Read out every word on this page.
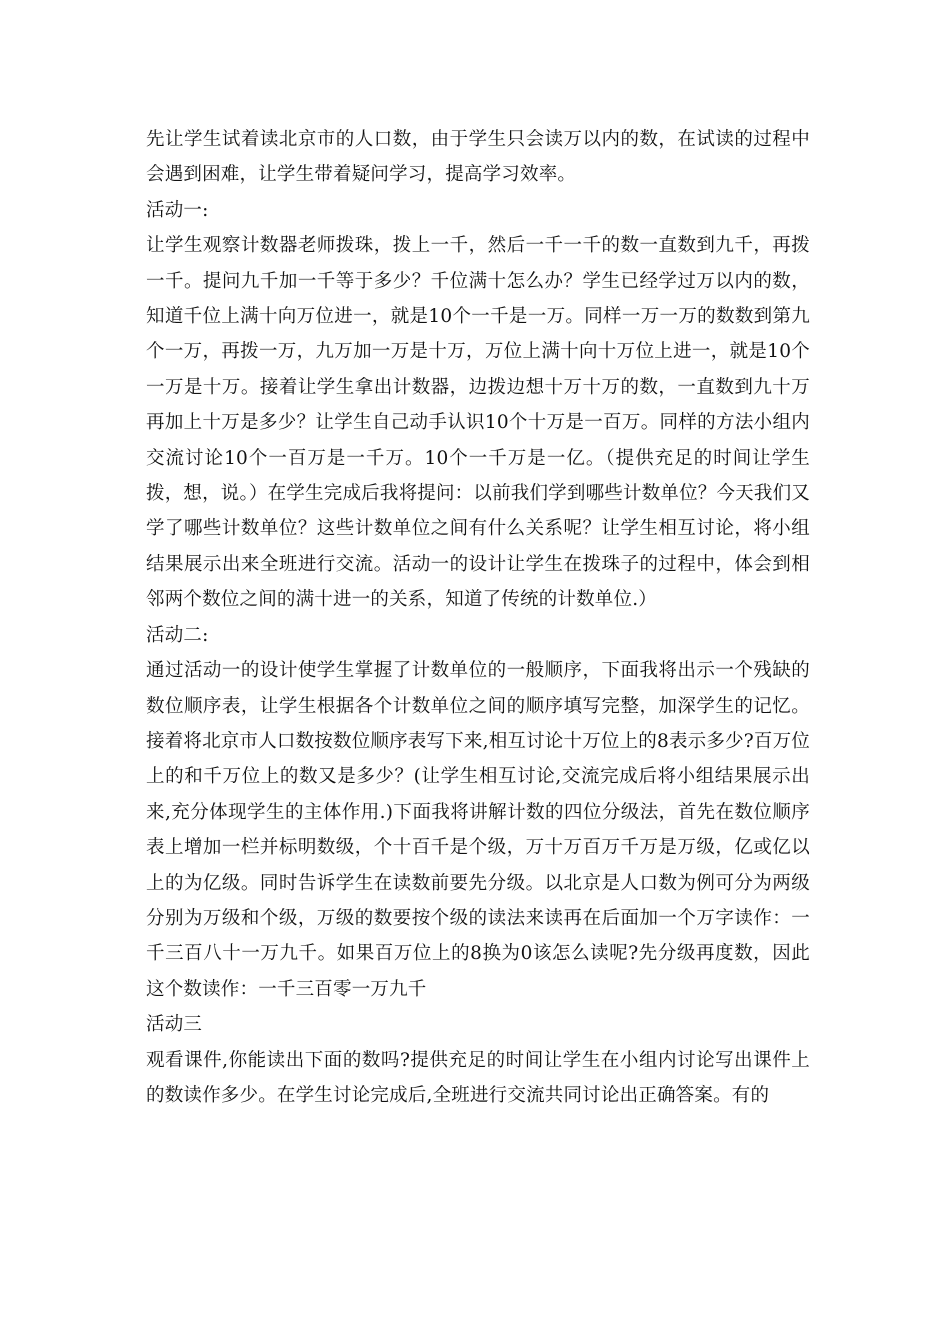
先让学生试着读北京市的人口数，由于学生只会读万以内的数，在试读的过程中会遇到困难，让学生带着疑问学习，提高学习效率。

活动一:

让学生观察计数器老师拨珠，拨上一千，然后一千一千的数一直数到九千，再拨一千。提问九千加一千等于多少？千位满十怎么办？学生已经学过万以内的数，知道千位上满十向万位进一，就是10个一千是一万。同样一万一万的数数到第九个一万，再拨一万，九万加一万是十万，万位上满十向十万位上进一，就是10个一万是十万。接着让学生拿出计数器，边拨边想十万十万的数，一直数到九十万再加上十万是多少？让学生自己动手认识10个十万是一百万。同样的方法小组内交流讨论10个一百万是一千万。10个一千万是一亿。（提供充足的时间让学生拨，想，说。）在学生完成后我将提问：以前我们学到哪些计数单位？今天我们又学了哪些计数单位？这些计数单位之间有什么关系呢？让学生相互讨论，将小组结果展示出来全班进行交流。活动一的设计让学生在拨珠子的过程中，体会到相邻两个数位之间的满十进一的关系，知道了传统的计数单位.）

活动二:

通过活动一的设计使学生掌握了计数单位的一般顺序，下面我将出示一个残缺的数位顺序表，让学生根据各个计数单位之间的顺序填写完整，加深学生的记忆。接着将北京市人口数按数位顺序表写下来,相互讨论十万位上的8表示多少?百万位上的和千万位上的数又是多少？(让学生相互讨论,交流完成后将小组结果展示出来,充分体现学生的主体作用.)下面我将讲解计数的四位分级法，首先在数位顺序表上增加一栏并标明数级，个十百千是个级，万十万百万千万是万级，亿或亿以上的为亿级。同时告诉学生在读数前要先分级。以北京是人口数为例可分为两级分别为万级和个级，万级的数要按个级的读法来读再在后面加一个万字读作：一千三百八十一万九千。如果百万位上的8换为0该怎么读呢?先分级再度数，因此这个数读作：一千三百零一万九千

活动三

观看课件,你能读出下面的数吗?提供充足的时间让学生在小组内讨论写出课件上的数读作多少。在学生讨论完成后,全班进行交流共同讨论出正确答案。有的
